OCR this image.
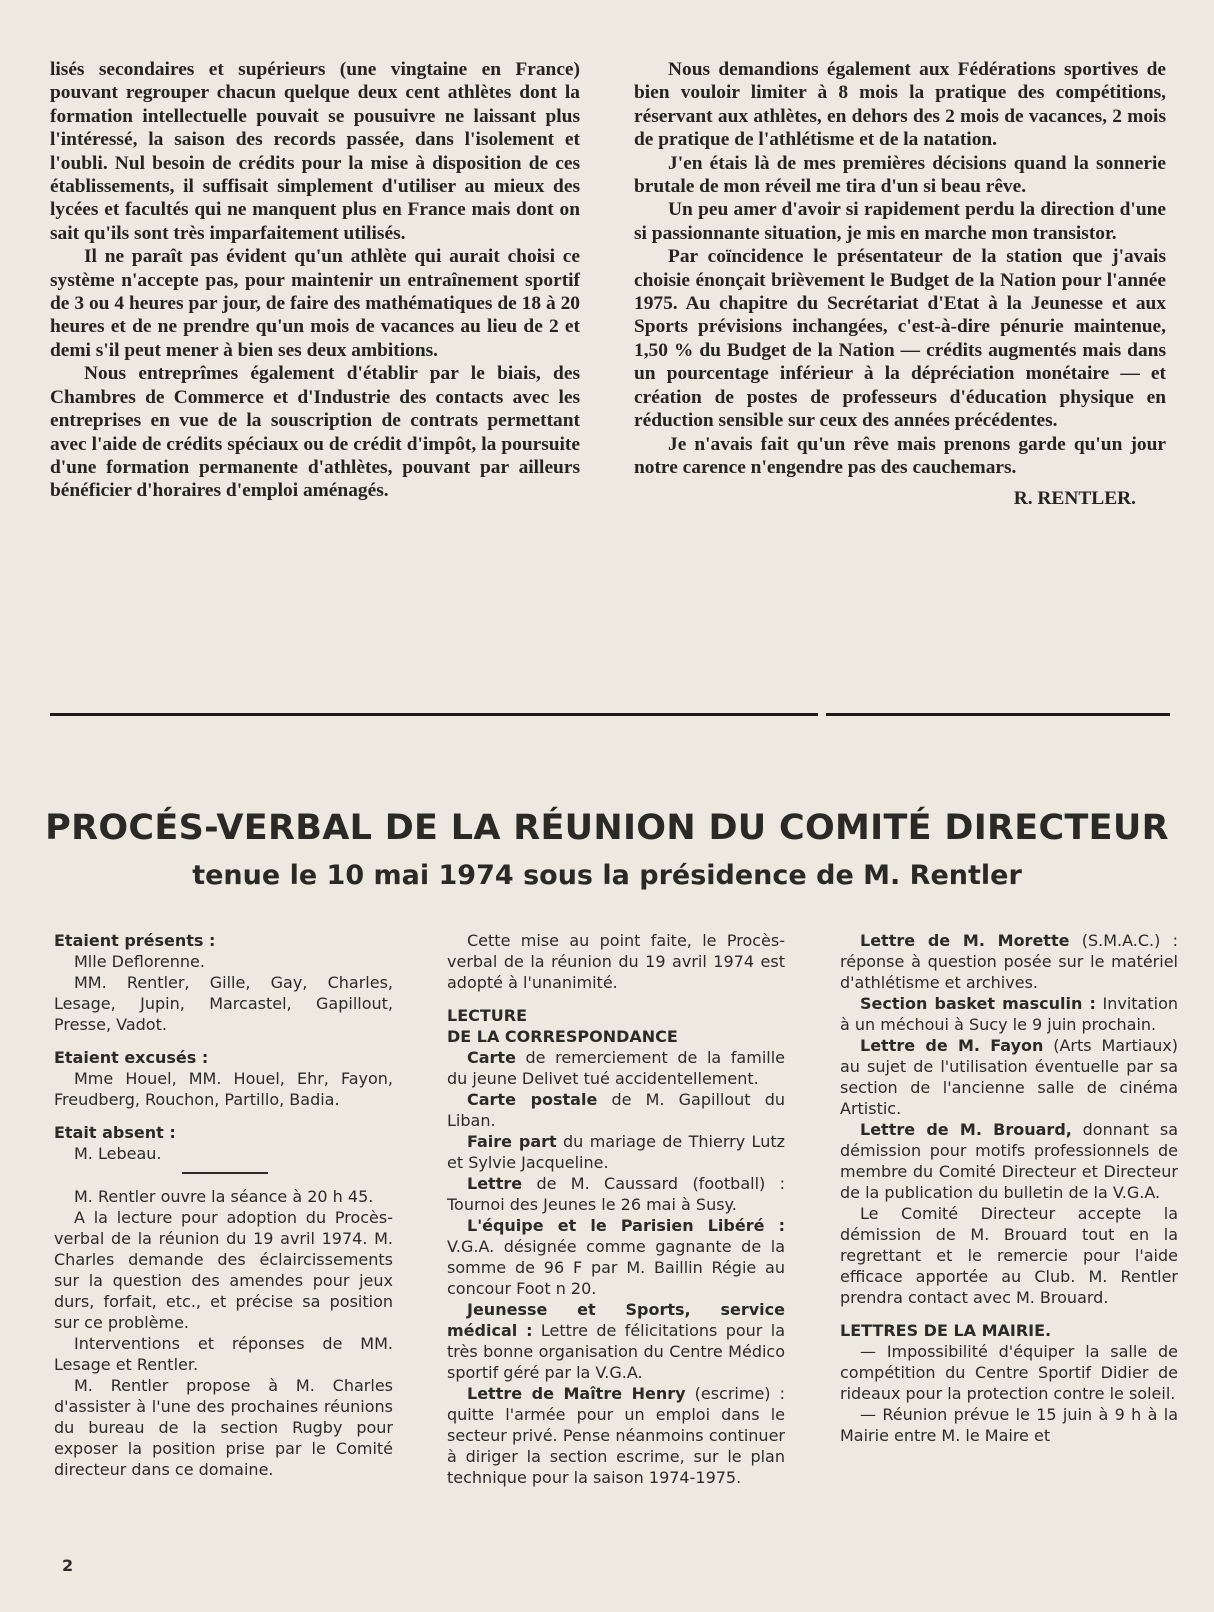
lisés secondaires et supérieurs (une vingtaine en France) pouvant regrouper chacun quelque deux cent athlètes dont la formation intellectuelle pouvait se pousuivre ne laissant plus l'intéressé, la saison des records passée, dans l'isolement et l'oubli. Nul besoin de crédits pour la mise à disposition de ces établissements, il suffisait simplement d'utiliser au mieux des lycées et facultés qui ne manquent plus en France mais dont on sait qu'ils sont très imparfaitement utilisés.

Il ne paraît pas évident qu'un athlète qui aurait choisi ce système n'accepte pas, pour maintenir un entraînement sportif de 3 ou 4 heures par jour, de faire des mathématiques de 18 à 20 heures et de ne prendre qu'un mois de vacances au lieu de 2 et demi s'il peut mener à bien ses deux ambitions.

Nous entreprîmes également d'établir par le biais, des Chambres de Commerce et d'Industrie des contacts avec les entreprises en vue de la souscription de contrats permettant avec l'aide de crédits spéciaux ou de crédit d'impôt, la poursuite d'une formation permanente d'athlètes, pouvant par ailleurs bénéficier d'horaires d'emploi aménagés.

Nous demandions également aux Fédérations sportives de bien vouloir limiter à 8 mois la pratique des compétitions, réservant aux athlètes, en dehors des 2 mois de vacances, 2 mois de pratique de l'athlétisme et de la natation.

J'en étais là de mes premières décisions quand la sonnerie brutale de mon réveil me tira d'un si beau rêve.

Un peu amer d'avoir si rapidement perdu la direction d'une si passionnante situation, je mis en marche mon transistor.

Par coïncidence le présentateur de la station que j'avais choisie énonçait brièvement le Budget de la Nation pour l'année 1975. Au chapitre du Secrétariat d'Etat à la Jeunesse et aux Sports prévisions inchangées, c'est-à-dire pénurie maintenue, 1,50 % du Budget de la Nation — crédits augmentés mais dans un pourcentage inférieur à la dépréciation monétaire — et création de postes de professeurs d'éducation physique en réduction sensible sur ceux des années précédentes.

Je n'avais fait qu'un rêve mais prenons garde qu'un jour notre carence n'engendre pas des cauchemars.

R. RENTLER.

PROCÉS-VERBAL DE LA RÉUNION DU COMITÉ DIRECTEUR
tenue le 10 mai 1974 sous la présidence de M. Rentler

Etaient présents :

Mlle Deflorenne.

MM. Rentler, Gille, Gay, Charles, Lesage, Jupin, Marcastel, Gapillout, Presse, Vadot.

Etaient excusés :

Mme Houel, MM. Houel, Ehr, Fayon, Freudberg, Rouchon, Partillo, Badia.

Etait absent :

M. Lebeau.

M. Rentler ouvre la séance à 20 h 45.

A la lecture pour adoption du Procès-verbal de la réunion du 19 avril 1974. M. Charles demande des éclaircissements sur la question des amendes pour jeux durs, forfait, etc., et précise sa position sur ce problème.

Interventions et réponses de MM. Lesage et Rentler.

M. Rentler propose à M. Charles d'assister à l'une des prochaines réunions du bureau de la section Rugby pour exposer la position prise par le Comité directeur dans ce domaine.

Cette mise au point faite, le Procès-verbal de la réunion du 19 avril 1974 est adopté à l'unanimité.

LECTURE

DE LA CORRESPONDANCE

Carte de remerciement de la famille du jeune Delivet tué accidentellement.

Carte postale de M. Gapillout du Liban.

Faire part du mariage de Thierry Lutz et Sylvie Jacqueline.

Lettre de M. Caussard (football) : Tournoi des Jeunes le 26 mai à Susy.

L'équipe et le Parisien Libéré : V.G.A. désignée comme gagnante de la somme de 96 F par M. Baillin Régie au concour Foot n 20.

Jeunesse et Sports, service médical : Lettre de félicitations pour la très bonne organisation du Centre Médico sportif géré par la V.G.A.

Lettre de Maître Henry (escrime) : quitte l'armée pour un emploi dans le secteur privé. Pense néanmoins continuer à diriger la section escrime, sur le plan technique pour la saison 1974-1975.

Lettre de M. Morette (S.M.A.C.) : réponse à question posée sur le matériel d'athlétisme et archives.

Section basket masculin : Invitation à un méchoui à Sucy le 9 juin prochain.

Lettre de M. Fayon (Arts Martiaux) au sujet de l'utilisation éventuelle par sa section de l'ancienne salle de cinéma Artistic.

Lettre de M. Brouard, donnant sa démission pour motifs professionnels de membre du Comité Directeur et Directeur de la publication du bulletin de la V.G.A.

Le Comité Directeur accepte la démission de M. Brouard tout en la regrettant et le remercie pour l'aide efficace apportée au Club. M. Rentler prendra contact avec M. Brouard.

LETTRES DE LA MAIRIE.

— Impossibilité d'équiper la salle de compétition du Centre Sportif Didier de rideaux pour la protection contre le soleil.

— Réunion prévue le 15 juin à 9 h à la Mairie entre M. le Maire et

2
